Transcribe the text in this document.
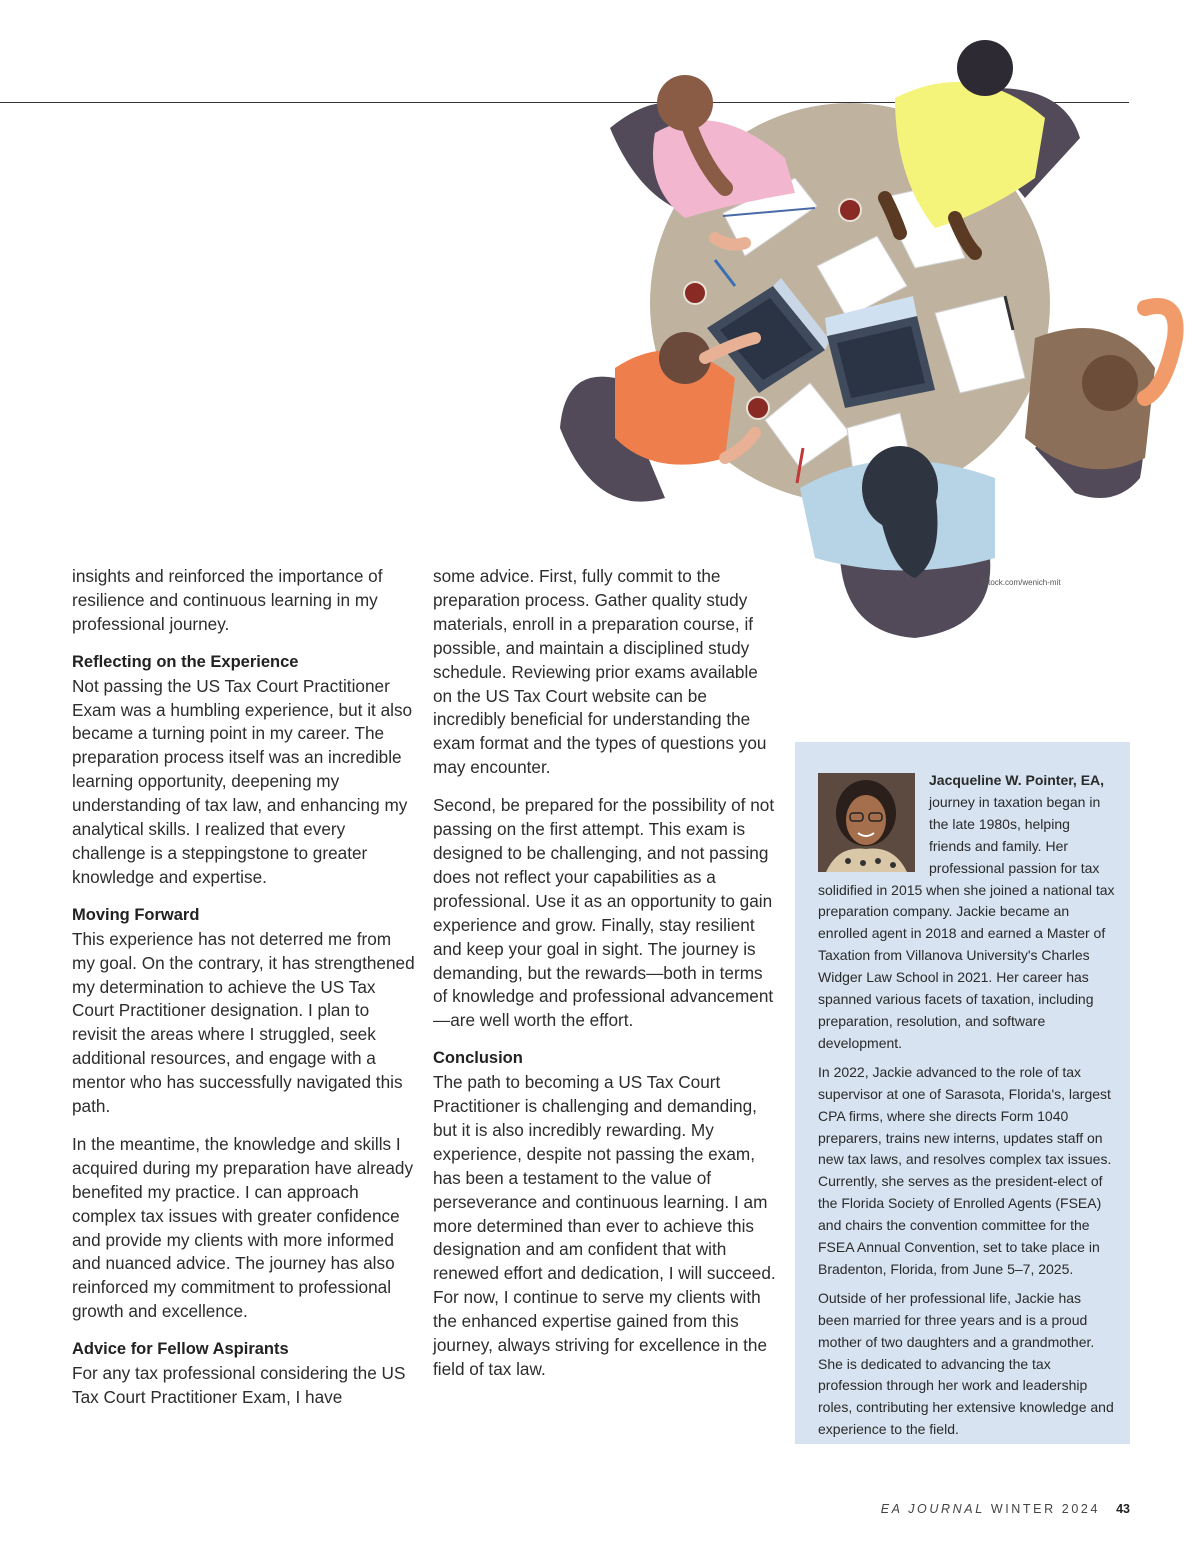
iStock.com/wenich-mit

insights and reinforced the importance of resilience and continuous learning in my professional journey.

Reflecting on the Experience

Not passing the US Tax Court Practitioner Exam was a humbling experience, but it also became a turning point in my career. The preparation process itself was an incredible learning opportunity, deepening my understanding of tax law, and enhancing my analytical skills. I realized that every challenge is a steppingstone to greater knowledge and expertise.

Moving Forward

This experience has not deterred me from my goal. On the contrary, it has strengthened my determination to achieve the US Tax Court Practitioner designation. I plan to revisit the areas where I struggled, seek additional resources, and engage with a mentor who has successfully navigated this path.

In the meantime, the knowledge and skills I acquired during my preparation have already benefited my practice. I can approach complex tax issues with greater confidence and provide my clients with more informed and nuanced advice. The journey has also reinforced my commitment to professional growth and excellence.

Advice for Fellow Aspirants

For any tax professional considering the US Tax Court Practitioner Exam, I have

some advice. First, fully commit to the preparation process. Gather quality study materials, enroll in a preparation course, if possible, and maintain a disciplined study schedule. Reviewing prior exams available on the US Tax Court website can be incredibly beneficial for understanding the exam format and the types of questions you may encounter.

Second, be prepared for the possibility of not passing on the first attempt. This exam is designed to be challenging, and not passing does not reflect your capabilities as a professional. Use it as an opportunity to gain experience and grow. Finally, stay resilient and keep your goal in sight. The journey is demanding, but the rewards—both in terms of knowledge and professional advancement—are well worth the effort.

Conclusion

The path to becoming a US Tax Court Practitioner is challenging and demanding, but it is also incredibly rewarding. My experience, despite not passing the exam, has been a testament to the value of perseverance and continuous learning. I am more determined than ever to achieve this designation and am confident that with renewed effort and dedication, I will succeed. For now, I continue to serve my clients with the enhanced expertise gained from this journey, always striving for excellence in the field of tax law.

Jacqueline W. Pointer, EA,
journey in taxation began in the late 1980s, helping friends and family. Her professional passion for tax solidified in 2015 when she joined a national tax preparation company. Jackie became an enrolled agent in 2018 and earned a Master of Taxation from Villanova University's Charles Widger Law School in 2021. Her career has spanned various facets of taxation, including preparation, resolution, and software development.

In 2022, Jackie advanced to the role of tax supervisor at one of Sarasota, Florida's, largest CPA firms, where she directs Form 1040 preparers, trains new interns, updates staff on new tax laws, and resolves complex tax issues. Currently, she serves as the president-elect of the Florida Society of Enrolled Agents (FSEA) and chairs the convention committee for the FSEA Annual Convention, set to take place in Bradenton, Florida, from June 5–7, 2025.

Outside of her professional life, Jackie has been married for three years and is a proud mother of two daughters and a grandmother. She is dedicated to advancing the tax profession through her work and leadership roles, contributing her extensive knowledge and experience to the field.

EA JOURNAL WINTER 2024 43
